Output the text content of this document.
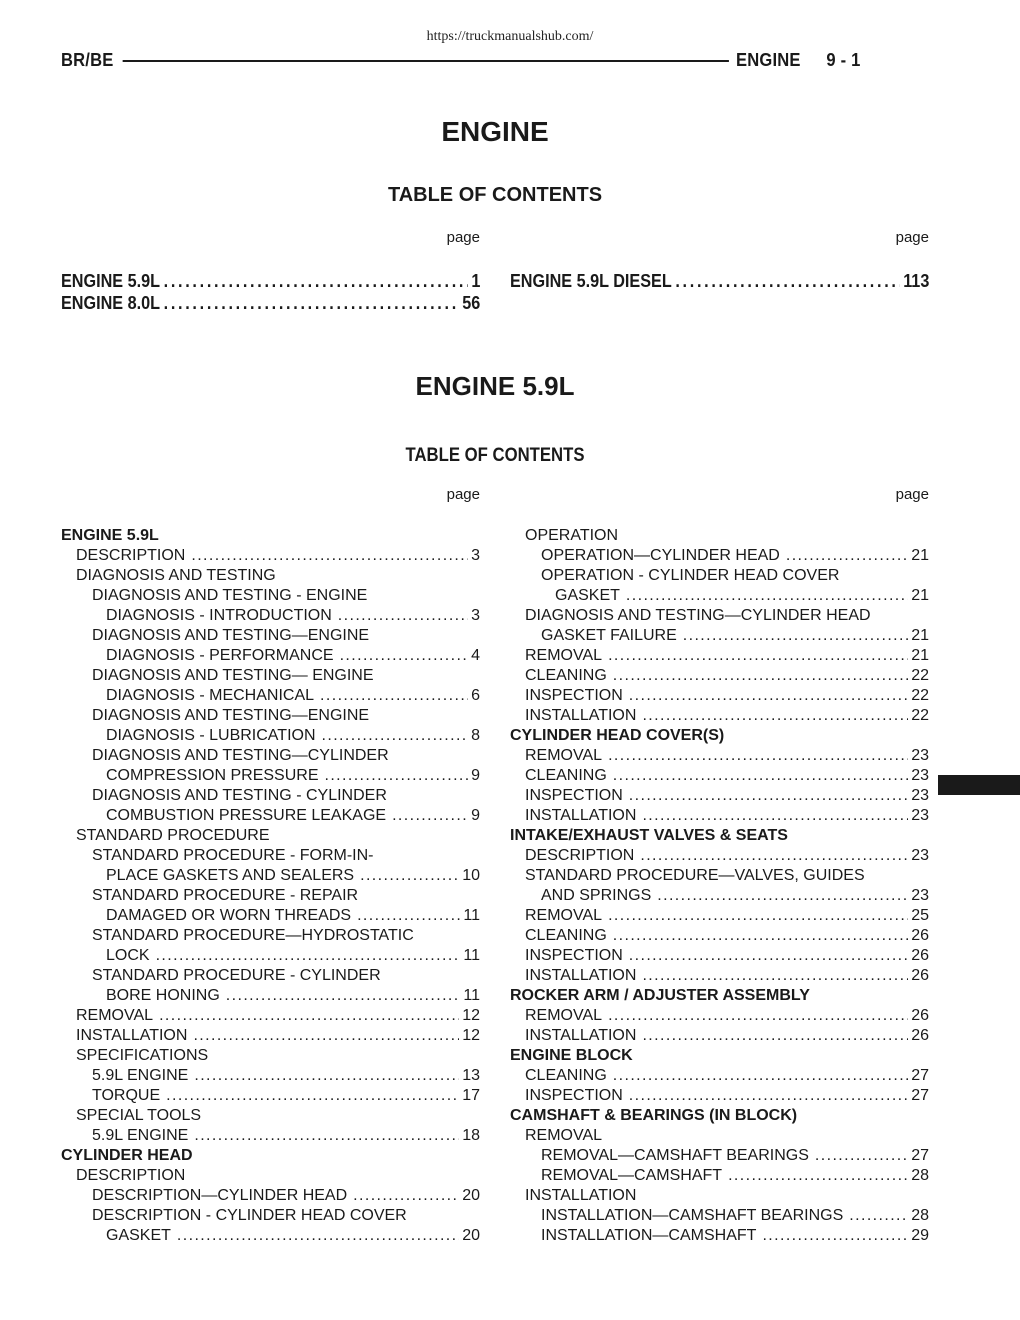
https://truckmanualshub.com/
BR/BE	ENGINE 9 - 1
ENGINE
TABLE OF CONTENTS
page	page
ENGINE 5.9L . . .	1
ENGINE 8.0L . . .	56
ENGINE 5.9L DIESEL . . .	113
ENGINE 5.9L
TABLE OF CONTENTS
page	page
ENGINE 5.9L
DESCRIPTION .....	3
DIAGNOSIS AND TESTING
DIAGNOSIS AND TESTING - ENGINE
DIAGNOSIS - INTRODUCTION .....	3
DIAGNOSIS AND TESTING—ENGINE
DIAGNOSIS - PERFORMANCE .....	4
DIAGNOSIS AND TESTING— ENGINE
DIAGNOSIS - MECHANICAL .....	6
DIAGNOSIS AND TESTING—ENGINE
DIAGNOSIS - LUBRICATION .....	8
DIAGNOSIS AND TESTING—CYLINDER
COMPRESSION PRESSURE .....	9
DIAGNOSIS AND TESTING - CYLINDER
COMBUSTION PRESSURE LEAKAGE .....	9
STANDARD PROCEDURE
STANDARD PROCEDURE - FORM-IN-
PLACE GASKETS AND SEALERS .....	10
STANDARD PROCEDURE - REPAIR
DAMAGED OR WORN THREADS .....	11
STANDARD PROCEDURE—HYDROSTATIC
LOCK .....	11
STANDARD PROCEDURE - CYLINDER
BORE HONING .....	11
REMOVAL .....	12
INSTALLATION .....	12
SPECIFICATIONS
5.9L ENGINE .....	13
TORQUE .....	17
SPECIAL TOOLS
5.9L ENGINE .....	18
CYLINDER HEAD
DESCRIPTION
DESCRIPTION—CYLINDER HEAD .....	20
DESCRIPTION - CYLINDER HEAD COVER
GASKET .....	20
OPERATION
OPERATION—CYLINDER HEAD .....	21
OPERATION - CYLINDER HEAD COVER
GASKET .....	21
DIAGNOSIS AND TESTING—CYLINDER HEAD
GASKET FAILURE .....	21
REMOVAL .....	21
CLEANING .....	22
INSPECTION .....	22
INSTALLATION .....	22
CYLINDER HEAD COVER(S)
REMOVAL .....	23
CLEANING .....	23
INSPECTION .....	23
INSTALLATION .....	23
INTAKE/EXHAUST VALVES & SEATS
DESCRIPTION .....	23
STANDARD PROCEDURE—VALVES, GUIDES
AND SPRINGS .....	23
REMOVAL .....	25
CLEANING .....	26
INSPECTION .....	26
INSTALLATION .....	26
ROCKER ARM / ADJUSTER ASSEMBLY
REMOVAL .....	26
INSTALLATION .....	26
ENGINE BLOCK
CLEANING .....	27
INSPECTION .....	27
CAMSHAFT & BEARINGS (IN BLOCK)
REMOVAL
REMOVAL—CAMSHAFT BEARINGS .....	27
REMOVAL—CAMSHAFT .....	28
INSTALLATION
INSTALLATION—CAMSHAFT BEARINGS .....	28
INSTALLATION—CAMSHAFT .....	29
